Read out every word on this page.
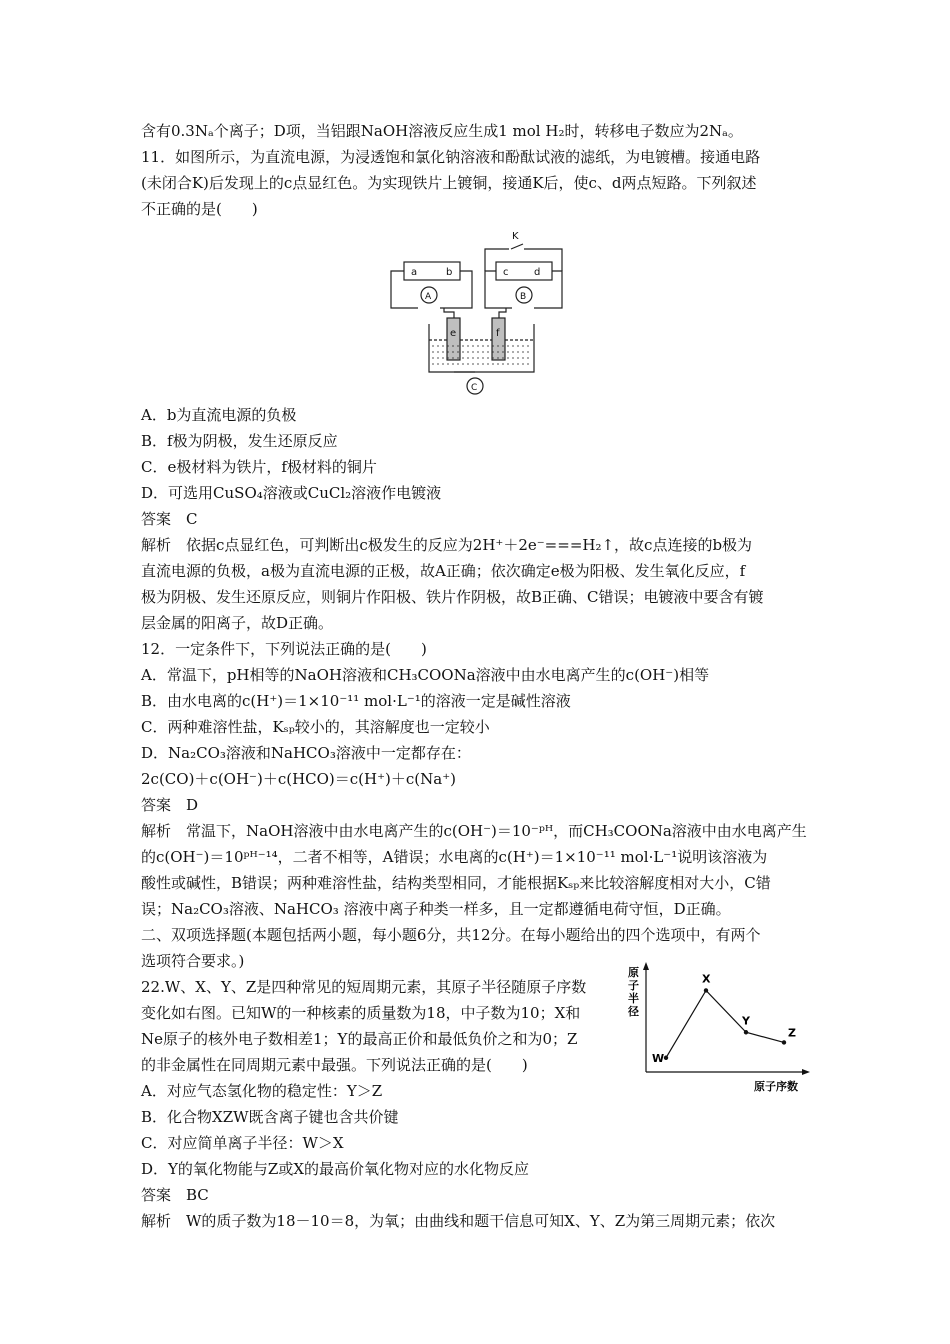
含有0.3Nₐ个离子；D项，当铝跟NaOH溶液反应生成1 mol H₂时，转移电子数应为2Nₐ。
11．如图所示，为直流电源，为浸透饱和氯化钠溶液和酚酞试液的滤纸，为电镀槽。接通电路
(未闭合K)后发现上的c点显红色。为实现铁片上镀铜，接通K后，使c、d两点短路。下列叙述
不正确的是(　　)
K
a	b	c	d
e	f
A	B
C
A．b为直流电源的负极
B．f极为阴极，发生还原反应
C．e极材料为铁片，f极材料的铜片
D．可选用CuSO₄溶液或CuCl₂溶液作电镀液
答案　C
解析　依据c点显红色，可判断出c极发生的反应为2H⁺＋2e⁻===H₂↑，故c点连接的b极为
直流电源的负极，a极为直流电源的正极，故A正确；依次确定e极为阳极、发生氧化反应，f
极为阴极、发生还原反应，则铜片作阳极、铁片作阴极，故B正确、C错误；电镀液中要含有镀
层金属的阳离子，故D正确。
12．一定条件下，下列说法正确的是(　　)
A．常温下，pH相等的NaOH溶液和CH₃COONa溶液中由水电离产生的c(OH⁻)相等
B．由水电离的c(H⁺)＝1×10⁻¹¹ mol·L⁻¹的溶液一定是碱性溶液
C．两种难溶性盐，Kₛₚ较小的，其溶解度也一定较小
D．Na₂CO₃溶液和NaHCO₃溶液中一定都存在：
2c(CO)＋c(OH⁻)＋c(HCO)＝c(H⁺)＋c(Na⁺)
答案　D
解析　常温下，NaOH溶液中由水电离产生的c(OH⁻)＝10⁻ᵖᴴ，而CH₃COONa溶液中由水电离产生
的c(OH⁻)＝10ᵖᴴ⁻¹⁴，二者不相等，A错误；水电离的c(H⁺)＝1×10⁻¹¹ mol·L⁻¹说明该溶液为
酸性或碱性，B错误；两种难溶性盐，结构类型相同，才能根据Kₛₚ来比较溶解度相对大小，C错
误；Na₂CO₃溶液、NaHCO₃ 溶液中离子种类一样多，且一定都遵循电荷守恒，D正确。
二、双项选择题(本题包括两小题，每小题6分，共12分。在每小题给出的四个选项中，有两个
选项符合要求。)
22.W、X、Y、Z是四种常见的短周期元素，其原子半径随原子序数
变化如右图。已知W的一种核素的质量数为18，中子数为10；X和
Ne原子的核外电子数相差1；Y的最高正价和最低负价之和为0；Z
的非金属性在同周期元素中最强。下列说法正确的是(　　)	W
X
Y
Z
原子序数
原子半径
A．对应气态氢化物的稳定性：Y＞Z
B．化合物XZW既含离子键也含共价键
C．对应简单离子半径：W＞X
D．Y的氧化物能与Z或X的最高价氧化物对应的水化物反应
答案　BC
解析　W的质子数为18－10＝8，为氧；由曲线和题干信息可知X、Y、Z为第三周期元素；依次
